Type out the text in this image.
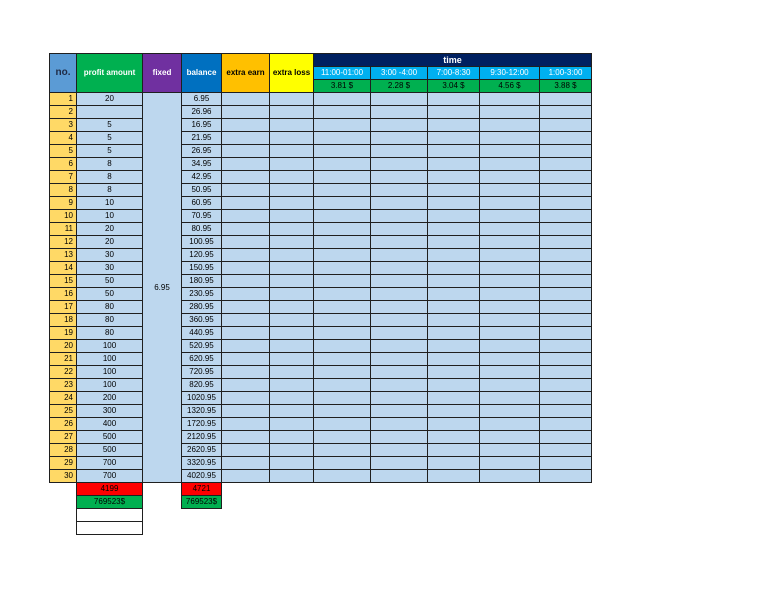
no.	profit amount	fixed	balance	extra earn	extra loss	time				
						11:00-01:00	3:00 -4:00	7:00-8:30	9:30-12:00	1:00-3:00
						3.81 $	2.28 $	3.04 $	4.56 $	3.88 $
1	20	6.95	6.95							
2			26.96							
3	5		16.95							
4	5		21.95							
5	5		26.95							
6	8		34.95							
7	8		42.95							
8	8		50.95							
9	10		60.95							
10	10		70.95							
11	20		80.95							
12	20		100.95							
13	30		120.95							
14	30		150.95							
15	50		180.95							
16	50		230.95							
17	80		280.95							
18	80		360.95							
19	80		440.95							
20	100		520.95							
21	100		620.95							
22	100		720.95							
23	100		820.95							
24	200		1020.95							
25	300		1320.95							
26	400		1720.95							
27	500		2120.95							
28	500		2620.95							
29	700		3320.95							
30	700		4020.95							
	4199		4721							
	769523$		769523$							
